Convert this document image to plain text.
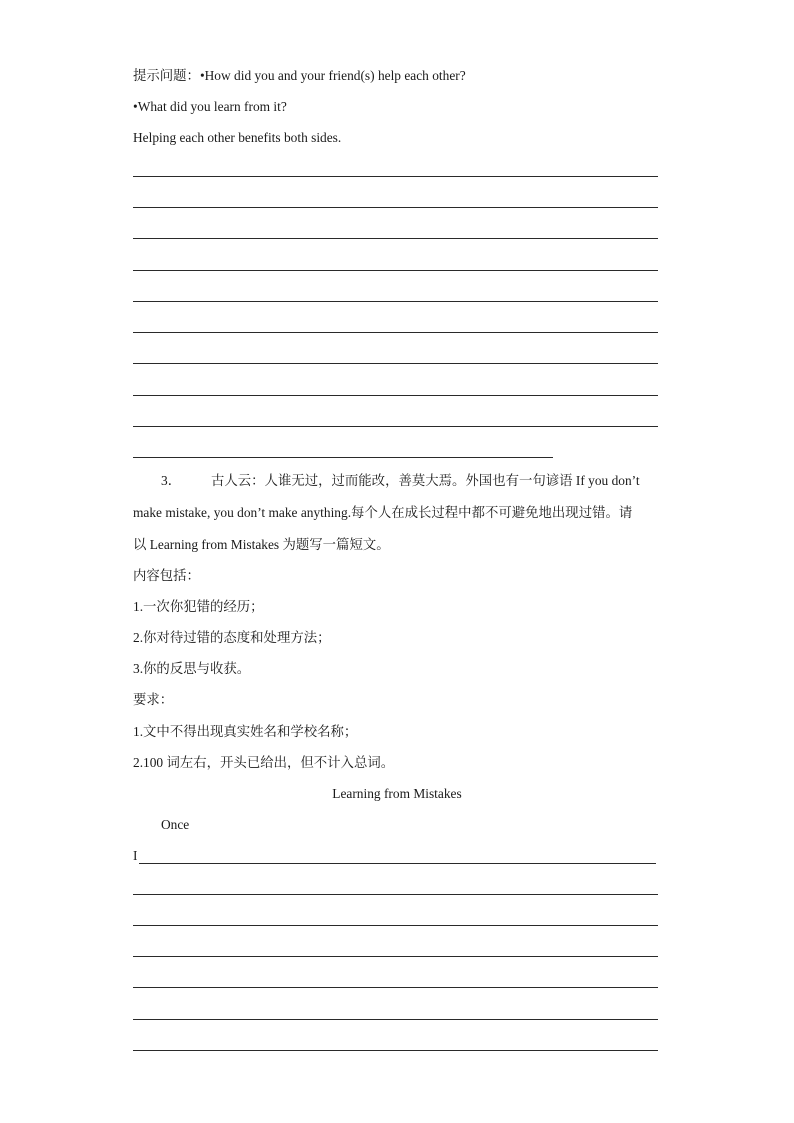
提示问题：•How did you and your friend(s) help each other?
•What did you learn from it?
Helping each other benefits both sides.
3． 古人云：人谁无过，过而能改，善莫大焉。外国也有一句谚语 If you don’t
make mistake, you don’t make anything.每个人在成长过程中都不可避免地出现过错。请
以 Learning from Mistakes 为题写一篇短文。
内容包括：
1.一次你犯错的经历；
2.你对待过错的态度和处理方法；
3.你的反思与收获。
要求：
1.文中不得出现真实姓名和学校名称；
2.100 词左右，开头已给出，但不计入总词。
Learning from Mistakes
Once
I
